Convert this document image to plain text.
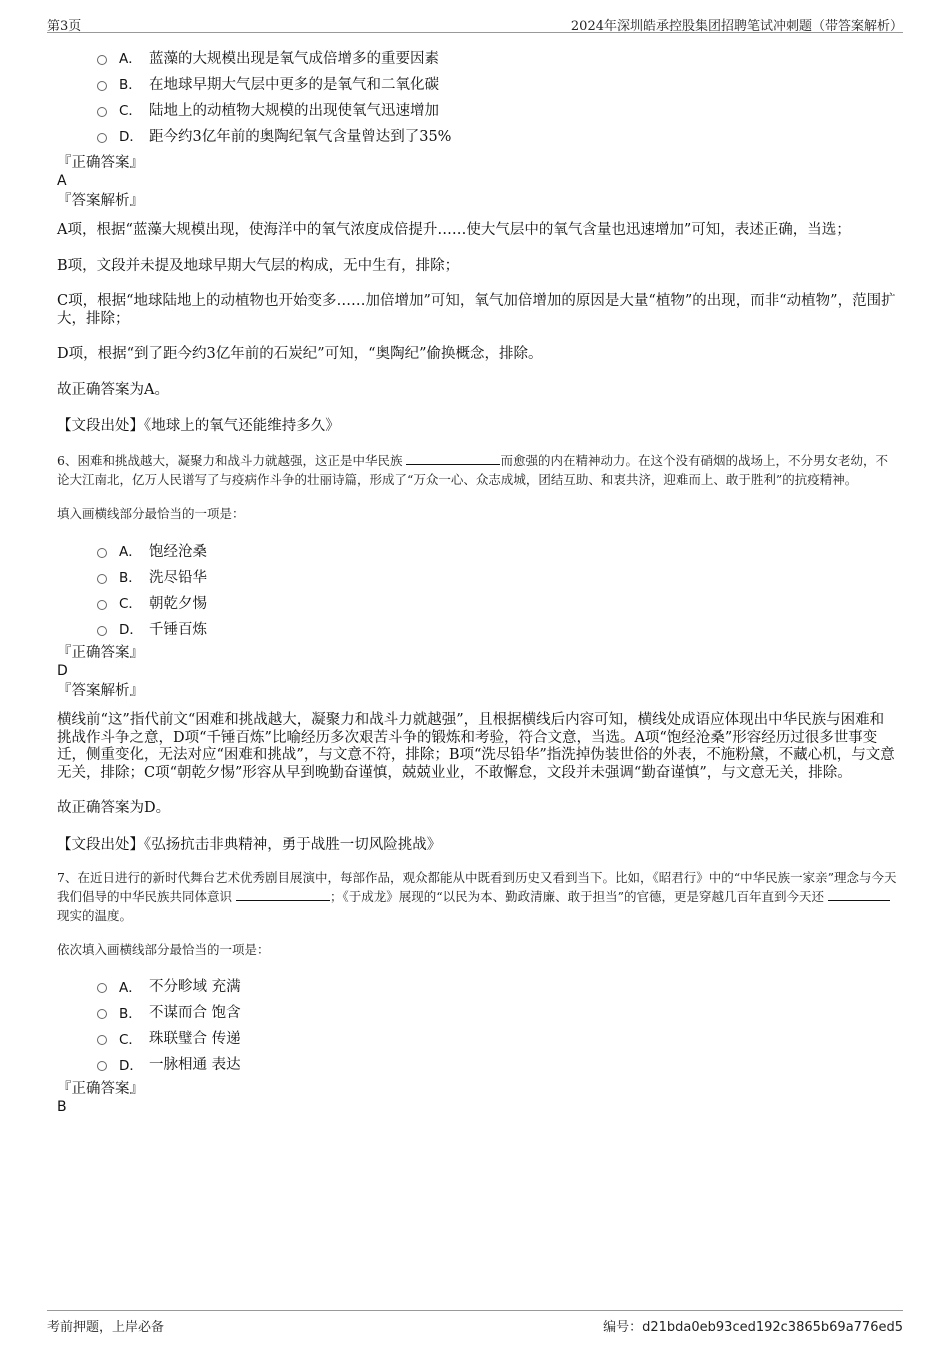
第3页	2024年深圳皓承控股集团招聘笔试冲刺题（带答案解析）
A． 蓝藻的大规模出现是氧气成倍增多的重要因素
B． 在地球早期大气层中更多的是氧气和二氧化碳
C． 陆地上的动植物大规模的出现使氧气迅速增加
D． 距今约3亿年前的奥陶纪氧气含量曾达到了35%
『正确答案』
A
『答案解析』

A项，根据“蓝藻大规模出现，使海洋中的氧气浓度成倍提升……使大气层中的氧气含量也迅速增加”可知，表述正确，当选；

B项，文段并未提及地球早期大气层的构成，无中生有，排除；

C项，根据“地球陆地上的动植物也开始变多……加倍增加”可知，氧气加倍增加的原因是大量“植物”的出现，而非“动植物”，范围扩大，排除；

D项，根据“到了距今约3亿年前的石炭纪”可知，“奥陶纪”偷换概念，排除。

故正确答案为A。

【文段出处】《地球上的氧气还能维持多久》

6、困难和挑战越大，凝聚力和战斗力就越强，这正是中华民族	而愈强的内在精神动力。在这个没有硝烟的战场上，不分男女老幼，不论大江南北，亿万人民谱写了与疫病作斗争的壮丽诗篇，形成了“万众一心、众志成城，团结互助、和衷共济，迎难而上、敢于胜利”的抗疫精神。

填入画横线部分最恰当的一项是：

A． 饱经沧桑
B． 洗尽铅华
C． 朝乾夕惕
D． 千锤百炼
『正确答案』
D
『答案解析』

横线前“这”指代前文“困难和挑战越大，凝聚力和战斗力就越强”，且根据横线后内容可知，横线处成语应体现出中华民族与困难和挑战作斗争之意，D项“千锤百炼”比喻经历多次艰苦斗争的锻炼和考验，符合文意，当选。A项“饱经沧桑”形容经历过很多世事变迁，侧重变化，无法对应“困难和挑战”，与文意不符，排除；B项“洗尽铅华”指洗掉伪装世俗的外表，不施粉黛，不藏心机，与文意无关，排除；C项“朝乾夕惕”形容从早到晚勤奋谨慎，兢兢业业，不敢懈怠，文段并未强调“勤奋谨慎”，与文意无关，排除。

故正确答案为D。

【文段出处】《弘扬抗击非典精神，勇于战胜一切风险挑战》

7、在近日进行的新时代舞台艺术优秀剧目展演中，每部作品，观众都能从中既看到历史又看到当下。比如，《昭君行》中的“中华民族一家亲”理念与今天我们倡导的中华民族共同体意识	；《于成龙》展现的“以民为本、勤政清廉、敢于担当”的官德，更是穿越几百年直到今天还 现实的温度。

依次填入画横线部分最恰当的一项是：

A． 不分畛域 充满
B． 不谋而合 饱含
C． 珠联璧合 传递
D． 一脉相通 表达
『正确答案』
B
考前押题，上岸必备	编号：d21bda0eb93ced192c3865b69a776ed5
